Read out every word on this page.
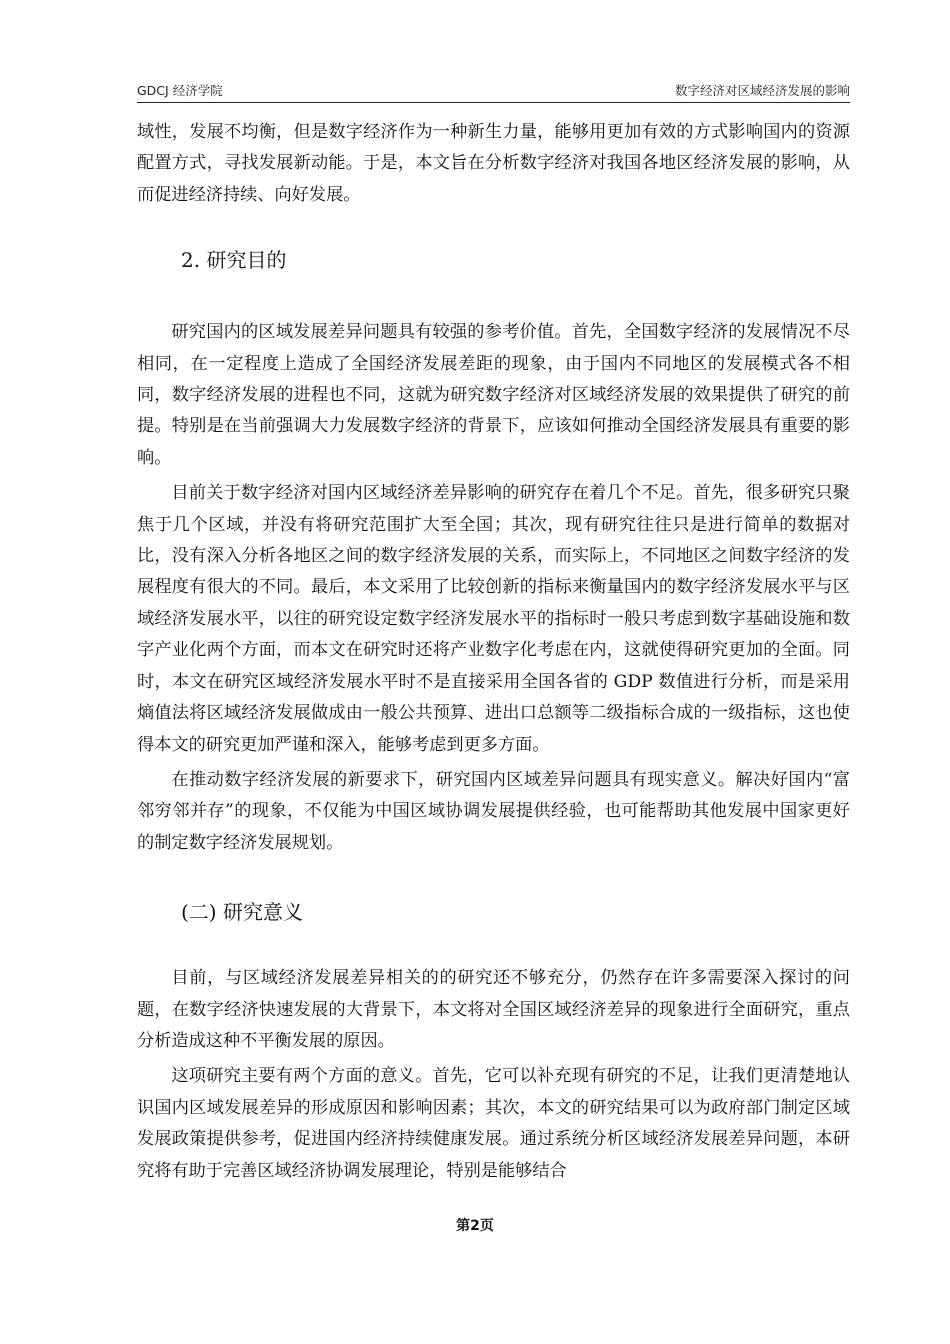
GDCJ 经济学院	数字经济对区域经济发展的影响

域性，发展不均衡，但是数字经济作为一种新生力量，能够用更加有效的方式影响国内的资源配置方式，寻找发展新动能。于是，本文旨在分析数字经济对我国各地区经济发展的影响，从而促进经济持续、向好发展。

2. 研究目的

研究国内的区域发展差异问题具有较强的参考价值。首先，全国数字经济的发展情况不尽相同，在一定程度上造成了全国经济发展差距的现象，由于国内不同地区的发展模式各不相同，数字经济发展的进程也不同，这就为研究数字经济对区域经济发展的效果提供了研究的前提。特别是在当前强调大力发展数字经济的背景下，应该如何推动全国经济发展具有重要的影响。

目前关于数字经济对国内区域经济差异影响的研究存在着几个不足。首先，很多研究只聚焦于几个区域，并没有将研究范围扩大至全国；其次，现有研究往往只是进行简单的数据对比，没有深入分析各地区之间的数字经济发展的关系，而实际上，不同地区之间数字经济的发展程度有很大的不同。最后，本文采用了比较创新的指标来衡量国内的数字经济发展水平与区域经济发展水平，以往的研究设定数字经济发展水平的指标时一般只考虑到数字基础设施和数字产业化两个方面，而本文在研究时还将产业数字化考虑在内，这就使得研究更加的全面。同时，本文在研究区域经济发展水平时不是直接采用全国各省的 GDP 数值进行分析，而是采用熵值法将区域经济发展做成由一般公共预算、进出口总额等二级指标合成的一级指标，这也使得本文的研究更加严谨和深入，能够考虑到更多方面。

在推动数字经济发展的新要求下，研究国内区域差异问题具有现实意义。解决好国内“富邻穷邻并存”的现象，不仅能为中国区域协调发展提供经验，也可能帮助其他发展中国家更好的制定数字经济发展规划。

(二) 研究意义

目前，与区域经济发展差异相关的的研究还不够充分，仍然存在许多需要深入探讨的问题，在数字经济快速发展的大背景下，本文将对全国区域经济差异的现象进行全面研究，重点分析造成这种不平衡发展的原因。

这项研究主要有两个方面的意义。首先，它可以补充现有研究的不足，让我们更清楚地认识国内区域发展差异的形成原因和影响因素；其次，本文的研究结果可以为政府部门制定区域发展政策提供参考，促进国内经济持续健康发展。通过系统分析区域经济发展差异问题，本研究将有助于完善区域经济协调发展理论，特别是能够结合

第2页
